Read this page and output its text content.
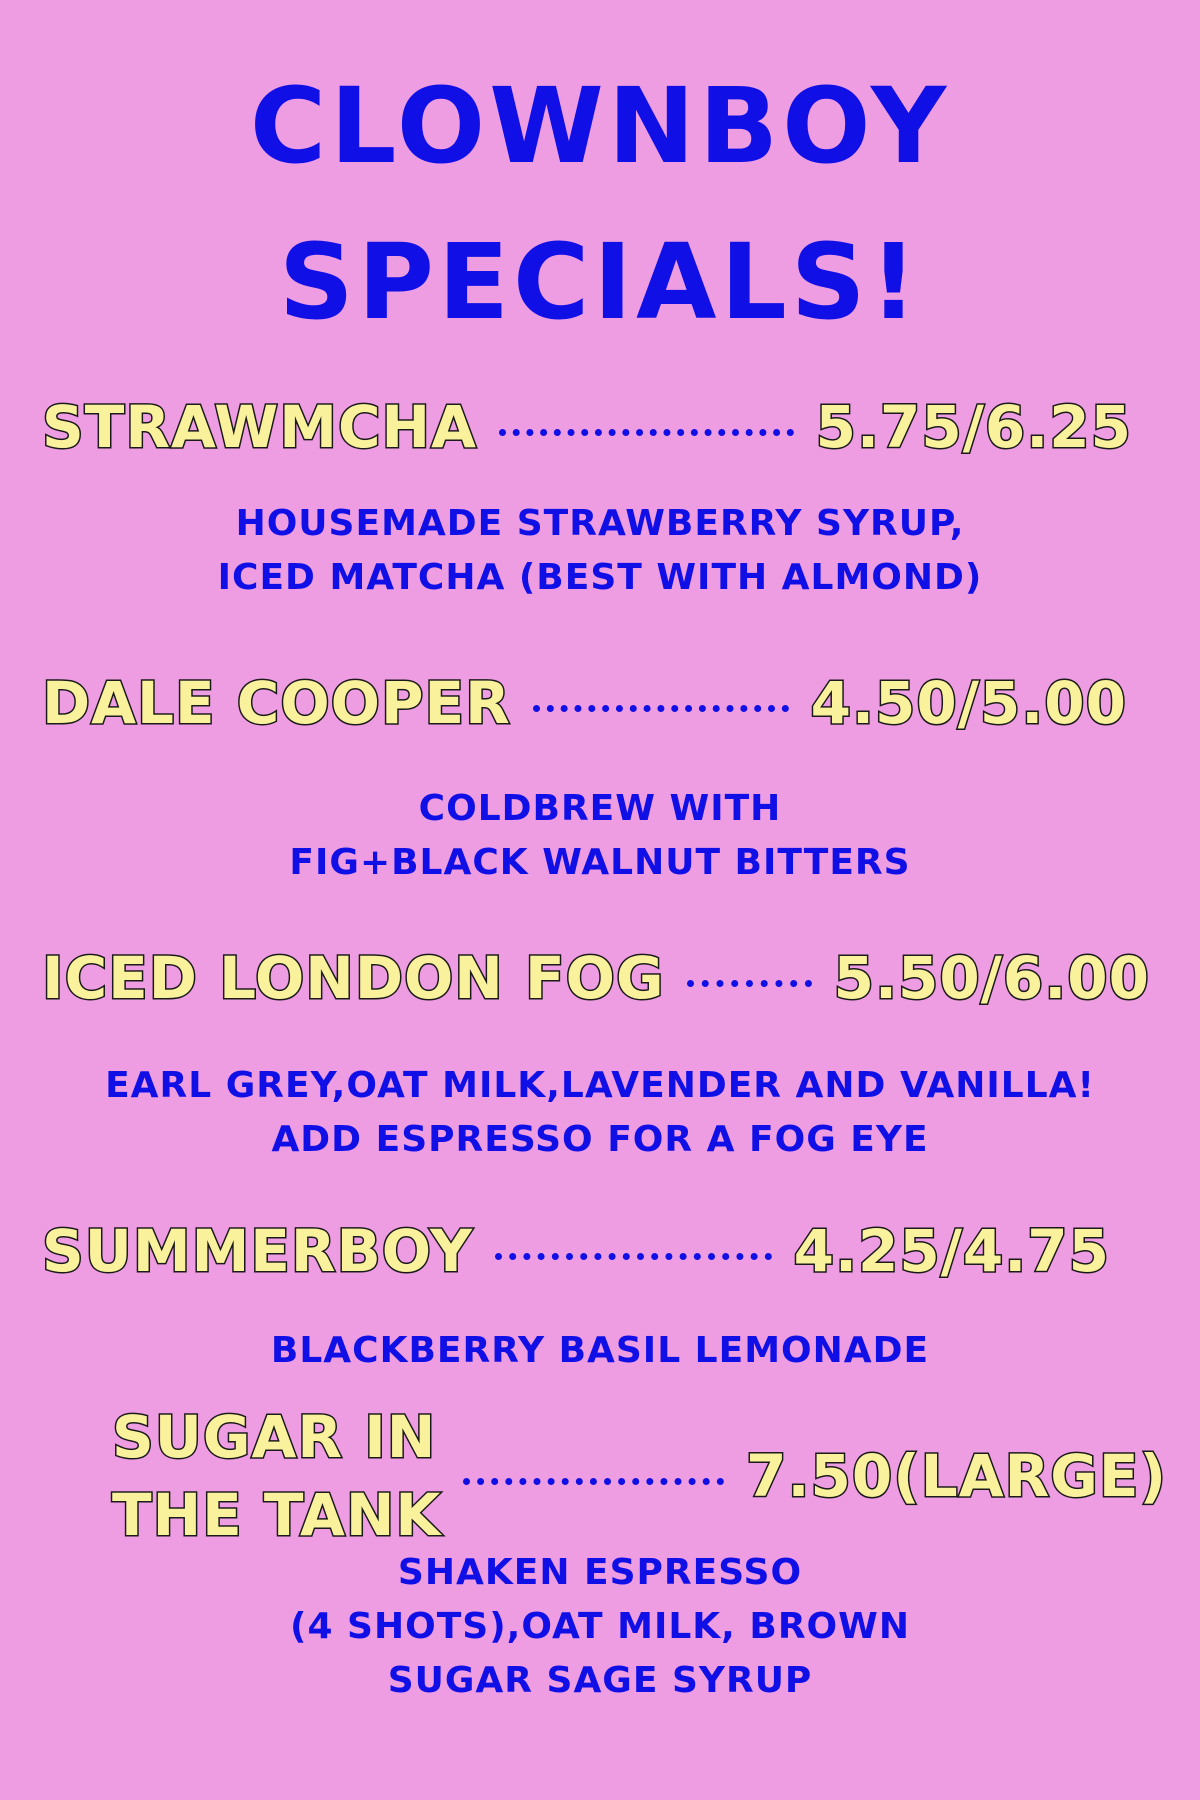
CLOWNBOY
SPECIALS!
STRAWMCHA	5.75/6.25
HOUSEMADE STRAWBERRY SYRUP,
ICED MATCHA (BEST WITH ALMOND)
DALE COOPER	4.50/5.00
COLDBREW WITH
FIG+BLACK WALNUT BITTERS
ICED LONDON FOG	5.50/6.00
EARL GREY,OAT MILK,LAVENDER AND VANILLA!
ADD ESPRESSO FOR A FOG EYE
SUMMERBOY	4.25/4.75
BLACKBERRY BASIL LEMONADE
SUGAR IN
THE TANK
7.50(LARGE)
SHAKEN ESPRESSO
(4 SHOTS),OAT MILK, BROWN
SUGAR SAGE SYRUP
